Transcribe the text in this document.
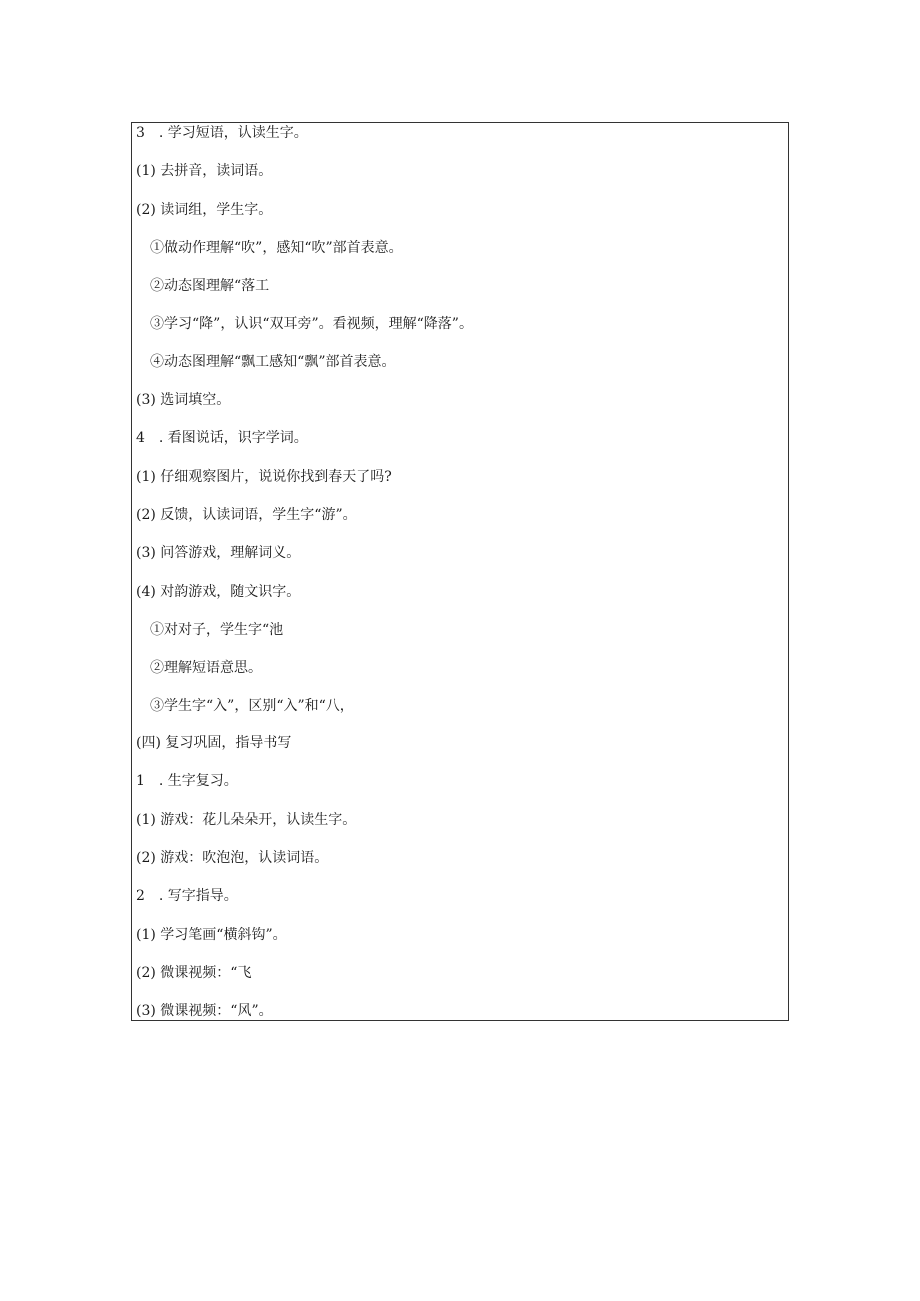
3　. 学习短语，认读生字。
(1) 去拼音，读词语。
(2) 读词组，学生字。
①做动作理解“吹”，感知“吹”部首表意。
②动态图理解“落工
③学习“降”，认识“双耳旁”。看视频，理解“降落”。
④动态图理解“飘工感知“飘”部首表意。
(3) 选词填空。
4　. 看图说话，识字学词。
(1) 仔细观察图片，说说你找到春天了吗?
(2) 反馈，认读词语，学生字“游”。
(3) 问答游戏，理解词义。
(4) 对韵游戏，随文识字。
①对对子，学生字“池
②理解短语意思。
③学生字“入”，区别“入”和“八，
(四) 复习巩固，指导书写
1　. 生字复习。
(1) 游戏：花儿朵朵开，认读生字。
(2) 游戏：吹泡泡，认读词语。
2　. 写字指导。
(1) 学习笔画“横斜钩”。
(2) 微课视频：“飞
(3) 微课视频：“风”。
